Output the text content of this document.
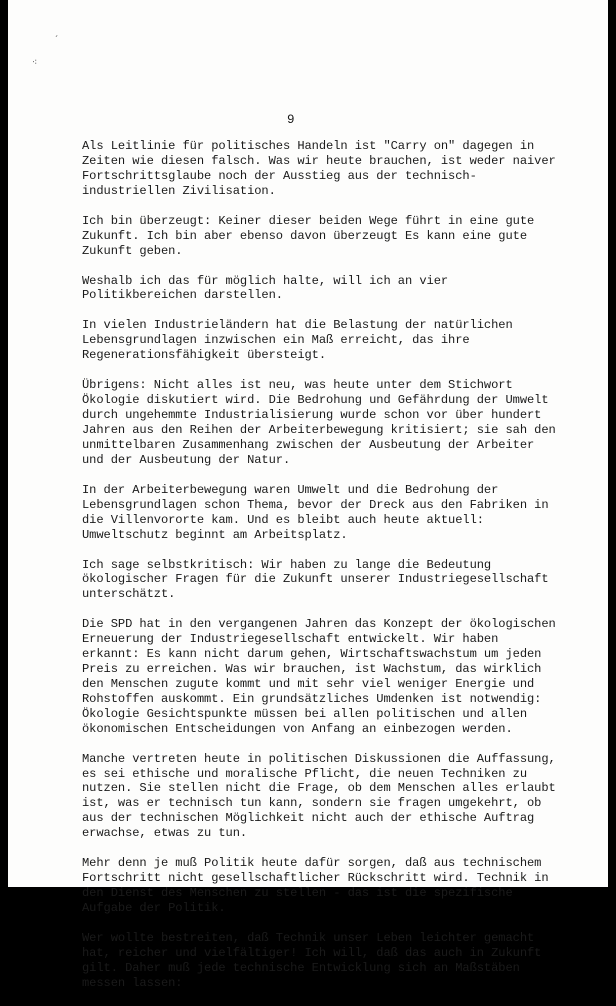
ˊ
⁖
9

Als Leitlinie für politisches Handeln ist "Carry on" dagegen in
Zeiten wie diesen falsch. Was wir heute brauchen, ist weder naiver
Fortschrittsglaube noch der Ausstieg aus der technisch-
industriellen Zivilisation.

Ich bin überzeugt: Keiner dieser beiden Wege führt in eine gute
Zukunft. Ich bin aber ebenso davon überzeugt Es kann eine gute
Zukunft geben.

Weshalb ich das für möglich halte, will ich an vier
Politikbereichen darstellen.

In vielen Industrieländern hat die Belastung der natürlichen
Lebensgrundlagen inzwischen ein Maß erreicht, das ihre
Regenerationsfähigkeit übersteigt.

Übrigens: Nicht alles ist neu, was heute unter dem Stichwort
Ökologie diskutiert wird. Die Bedrohung und Gefährdung der Umwelt
durch ungehemmte Industrialisierung wurde schon vor über hundert
Jahren aus den Reihen der Arbeiterbewegung kritisiert; sie sah den
unmittelbaren Zusammenhang zwischen der Ausbeutung der Arbeiter
und der Ausbeutung der Natur.

In der Arbeiterbewegung waren Umwelt und die Bedrohung der
Lebensgrundlagen schon Thema, bevor der Dreck aus den Fabriken in
die Villenvororte kam. Und es bleibt auch heute aktuell:
Umweltschutz beginnt am Arbeitsplatz.

Ich sage selbstkritisch: Wir haben zu lange die Bedeutung
ökologischer Fragen für die Zukunft unserer Industriegesellschaft
unterschätzt.

Die SPD hat in den vergangenen Jahren das Konzept der ökologischen
Erneuerung der Industriegesellschaft entwickelt. Wir haben
erkannt: Es kann nicht darum gehen, Wirtschaftswachstum um jeden
Preis zu erreichen. Was wir brauchen, ist Wachstum, das wirklich
den Menschen zugute kommt und mit sehr viel weniger Energie und
Rohstoffen auskommt. Ein grundsätzliches Umdenken ist notwendig:
Ökologie Gesichtspunkte müssen bei allen politischen und allen
ökonomischen Entscheidungen von Anfang an einbezogen werden.

Manche vertreten heute in politischen Diskussionen die Auffassung,
es sei ethische und moralische Pflicht, die neuen Techniken zu
nutzen. Sie stellen nicht die Frage, ob dem Menschen alles erlaubt
ist, was er technisch tun kann, sondern sie fragen umgekehrt, ob
aus der technischen Möglichkeit nicht auch der ethische Auftrag
erwachse, etwas zu tun.

Mehr denn je muß Politik heute dafür sorgen, daß aus technischem
Fortschritt nicht gesellschaftlicher Rückschritt wird. Technik in
den Dienst des Menschen zu stellen - das ist die spezifische
Aufgabe der Politik.

Wer wollte bestreiten, daß Technik unser Leben leichter gemacht
hat, reicher und vielfältiger! Ich will, daß das auch in Zukunft
gilt. Daher muß jede technische Entwicklung sich an Maßstäben
messen lassen:
